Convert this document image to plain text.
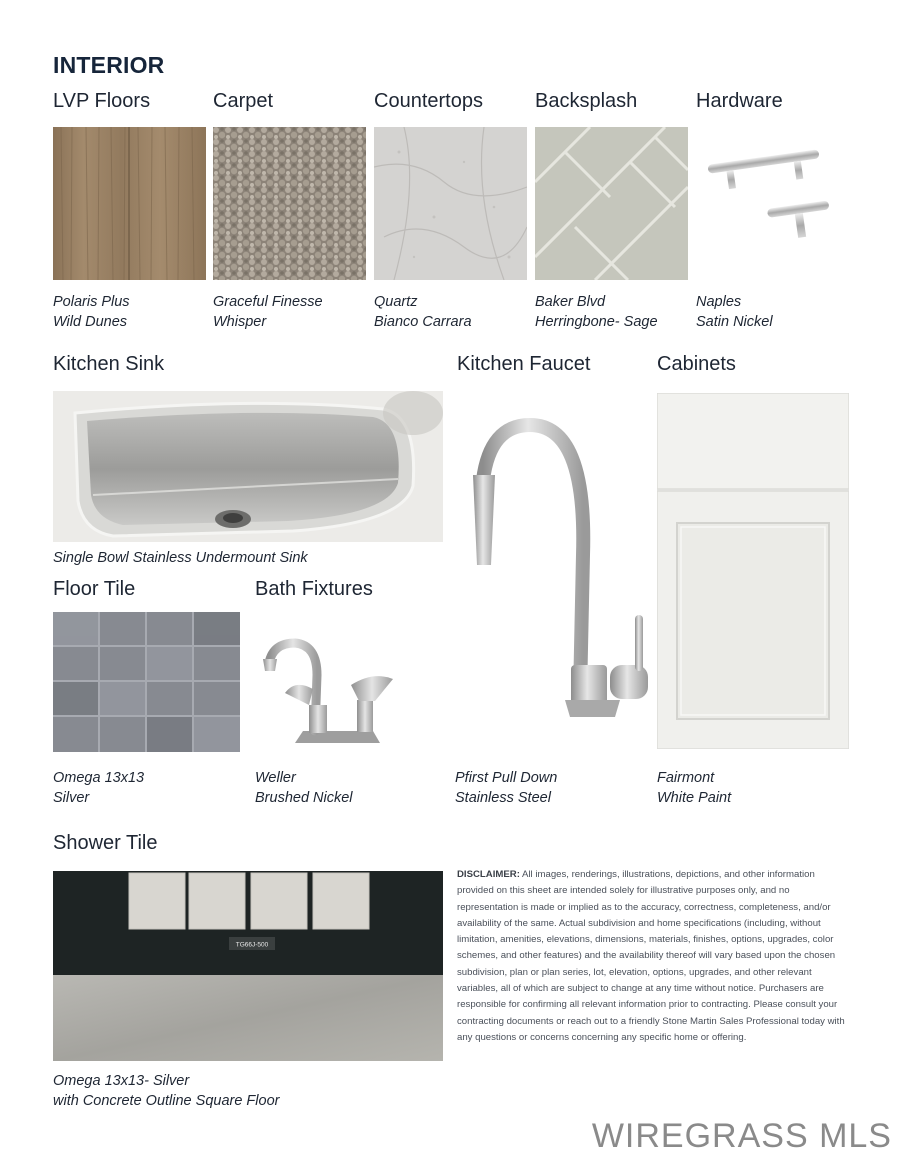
INTERIOR
LVP Floors	Carpet	Countertops	Backsplash	Hardware
Polaris Plus
Wild Dunes
Graceful Finesse
Whisper
Quartz
Bianco Carrara
Baker Blvd
Herringbone- Sage
Naples
Satin Nickel
Kitchen Sink	Kitchen Faucet	Cabinets
Single Bowl Stainless Undermount Sink
Pfirst Pull Down
Stainless Steel
Fairmont
White Paint
Floor Tile	Bath Fixtures
Omega 13x13
Silver
Weller
Brushed Nickel
Shower Tile
TG66J-500
Omega 13x13- Silver
with Concrete Outline Square Floor
DISCLAIMER: All images, renderings, illustrations, depictions, and other information provided on this sheet are intended solely for illustrative purposes only, and no representation is made or implied as to the accuracy, correctness, completeness, and/or availability of the same. Actual subdivision and home specifications (including, without limitation, amenities, elevations, dimensions, materials, finishes, options, upgrades, color schemes, and other features) and the availability thereof will vary based upon the chosen subdivision, plan or plan series, lot, elevation, options, upgrades, and other relevant variables, all of which are subject to change at any time without notice. Purchasers are responsible for confirming all relevant information prior to contracting. Please consult your contracting documents or reach out to a friendly Stone Martin Sales Professional today with any questions or concerns concerning any specific home or offering.
WIREGRASS MLS
